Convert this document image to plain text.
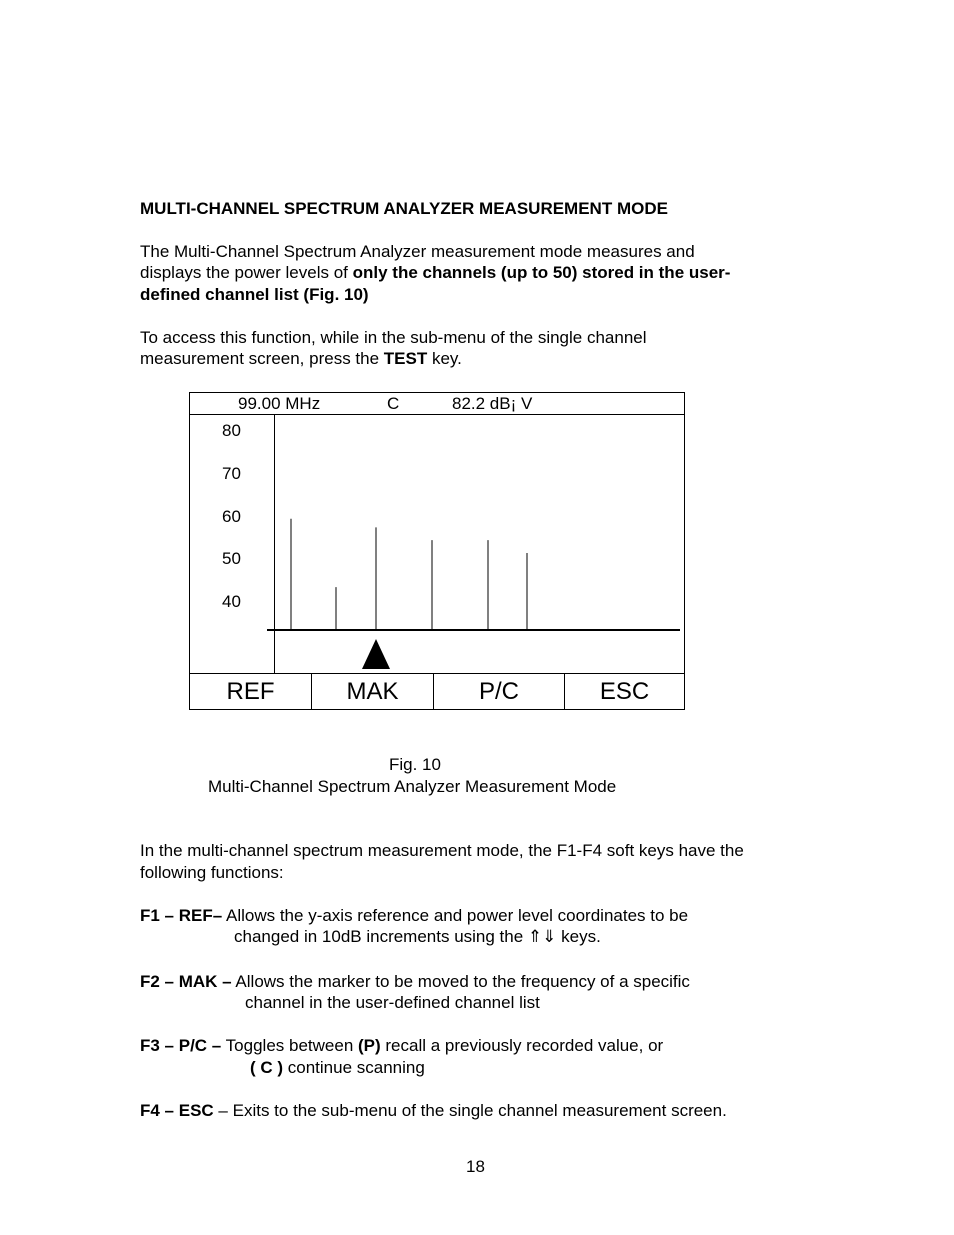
MULTI-CHANNEL SPECTRUM ANALYZER MEASUREMENT MODE
The Multi-Channel Spectrum Analyzer measurement mode measures and
displays the power levels of only the channels (up to 50) stored in the user-
defined channel list (Fig. 10)
To access this function, while in the sub-menu of the single channel
measurement screen, press the TEST key.
99.00 MHz	C	82.2 dB¡ V
80
70
60
50
40
REF	MAK	P/C	ESC
Fig. 10
Multi-Channel Spectrum Analyzer Measurement Mode
In the multi-channel spectrum measurement mode, the F1-F4 soft keys have the
following functions:
F1 – REF– Allows the y-axis reference and power level coordinates to be
changed in 10dB increments using the ⇑⇓ keys.
F2 – MAK – Allows the marker to be moved to the frequency of a specific
channel in the user-defined channel list
F3 – P/C – Toggles between (P) recall a previously recorded value, or
( C ) continue scanning
F4 – ESC – Exits to the sub-menu of the single channel measurement screen.
18
